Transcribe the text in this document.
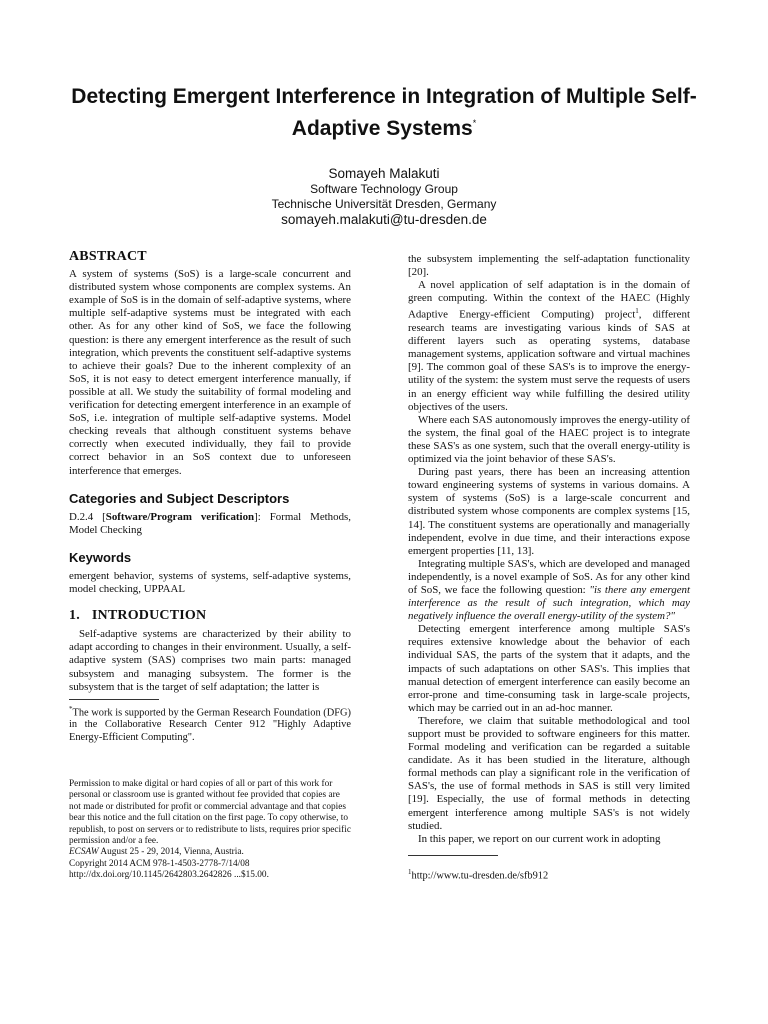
Detecting Emergent Interference in Integration of Multiple Self-Adaptive Systems*
Somayeh Malakuti
Software Technology Group
Technische Universität Dresden, Germany
somayeh.malakuti@tu-dresden.de
ABSTRACT

A system of systems (SoS) is a large-scale concurrent and distributed system whose components are complex systems. An example of SoS is in the domain of self-adaptive systems, where multiple self-adaptive systems must be integrated with each other. As for any other kind of SoS, we face the following question: is there any emergent interference as the result of such integration, which prevents the constituent self-adaptive systems to achieve their goals? Due to the inherent complexity of an SoS, it is not easy to detect emergent interference manually, if possible at all. We study the suitability of formal modeling and verification for detecting emergent interference in an example of SoS, i.e. integration of multiple self-adaptive systems. Model checking reveals that although constituent systems behave correctly when executed individually, they fail to provide correct behavior in an SoS context due to unforeseen interference that emerges.

Categories and Subject Descriptors

D.2.4 [Software/Program verification]: Formal Methods, Model Checking

Keywords

emergent behavior, systems of systems, self-adaptive systems, model checking, UPPAAL

1. INTRODUCTION

Self-adaptive systems are characterized by their ability to adapt according to changes in their environment. Usually, a self-adaptive system (SAS) comprises two main parts: managed subsystem and managing subsystem. The former is the subsystem that is the target of self adaptation; the latter is

*The work is supported by the German Research Foundation (DFG) in the Collaborative Research Center 912 "Highly Adaptive Energy-Efficient Computing".

Permission to make digital or hard copies of all or part of this work for personal or classroom use is granted without fee provided that copies are not made or distributed for profit or commercial advantage and that copies bear this notice and the full citation on the first page. To copy otherwise, to republish, to post on servers or to redistribute to lists, requires prior specific permission and/or a fee.

ECSAW August 25 - 29, 2014, Vienna, Austria.

Copyright 2014 ACM 978-1-4503-2778-7/14/08

http://dx.doi.org/10.1145/2642803.2642826 ...$15.00.

the subsystem implementing the self-adaptation functionality [20].

A novel application of self adaptation is in the domain of green computing. Within the context of the HAEC (Highly Adaptive Energy-efficient Computing) project$^1$, different research teams are investigating various kinds of SAS at different layers such as operating systems, database management systems, application software and virtual machines [9]. The common goal of these SAS's is to improve the energy-utility of the system: the system must serve the requests of users in an energy efficient way while fulfilling the desired utility objectives of the users.

Where each SAS autonomously improves the energy-utility of the system, the final goal of the HAEC project is to integrate these SAS's as one system, such that the overall energy-utility is optimized via the joint behavior of these SAS's.

During past years, there has been an increasing attention toward engineering systems of systems in various domains. A system of systems (SoS) is a large-scale concurrent and distributed system whose components are complex systems [15, 14]. The constituent systems are operationally and managerially independent, evolve in due time, and their interactions expose emergent properties [11, 13].

Integrating multiple SAS's, which are developed and managed independently, is a novel example of SoS. As for any other kind of SoS, we face the following question: "is there any emergent interference as the result of such integration, which may negatively influence the overall energy-utility of the system?"

Detecting emergent interference among multiple SAS's requires extensive knowledge about the behavior of each individual SAS, the parts of the system that it adapts, and the impacts of such adaptations on other SAS's. This implies that manual detection of emergent interference can easily become an error-prone and time-consuming task in large-scale projects, which may be carried out in an ad-hoc manner.

Therefore, we claim that suitable methodological and tool support must be provided to software engineers for this matter. Formal modeling and verification can be regarded a suitable candidate. As it has been studied in the literature, although formal methods can play a significant role in the verification of SAS's, the use of formal methods in SAS is still very limited [19]. Especially, the use of formal methods in detecting emergent interference among multiple SAS's is not widely studied.

In this paper, we report on our current work in adopting

$^1$http://www.tu-dresden.de/sfb912
